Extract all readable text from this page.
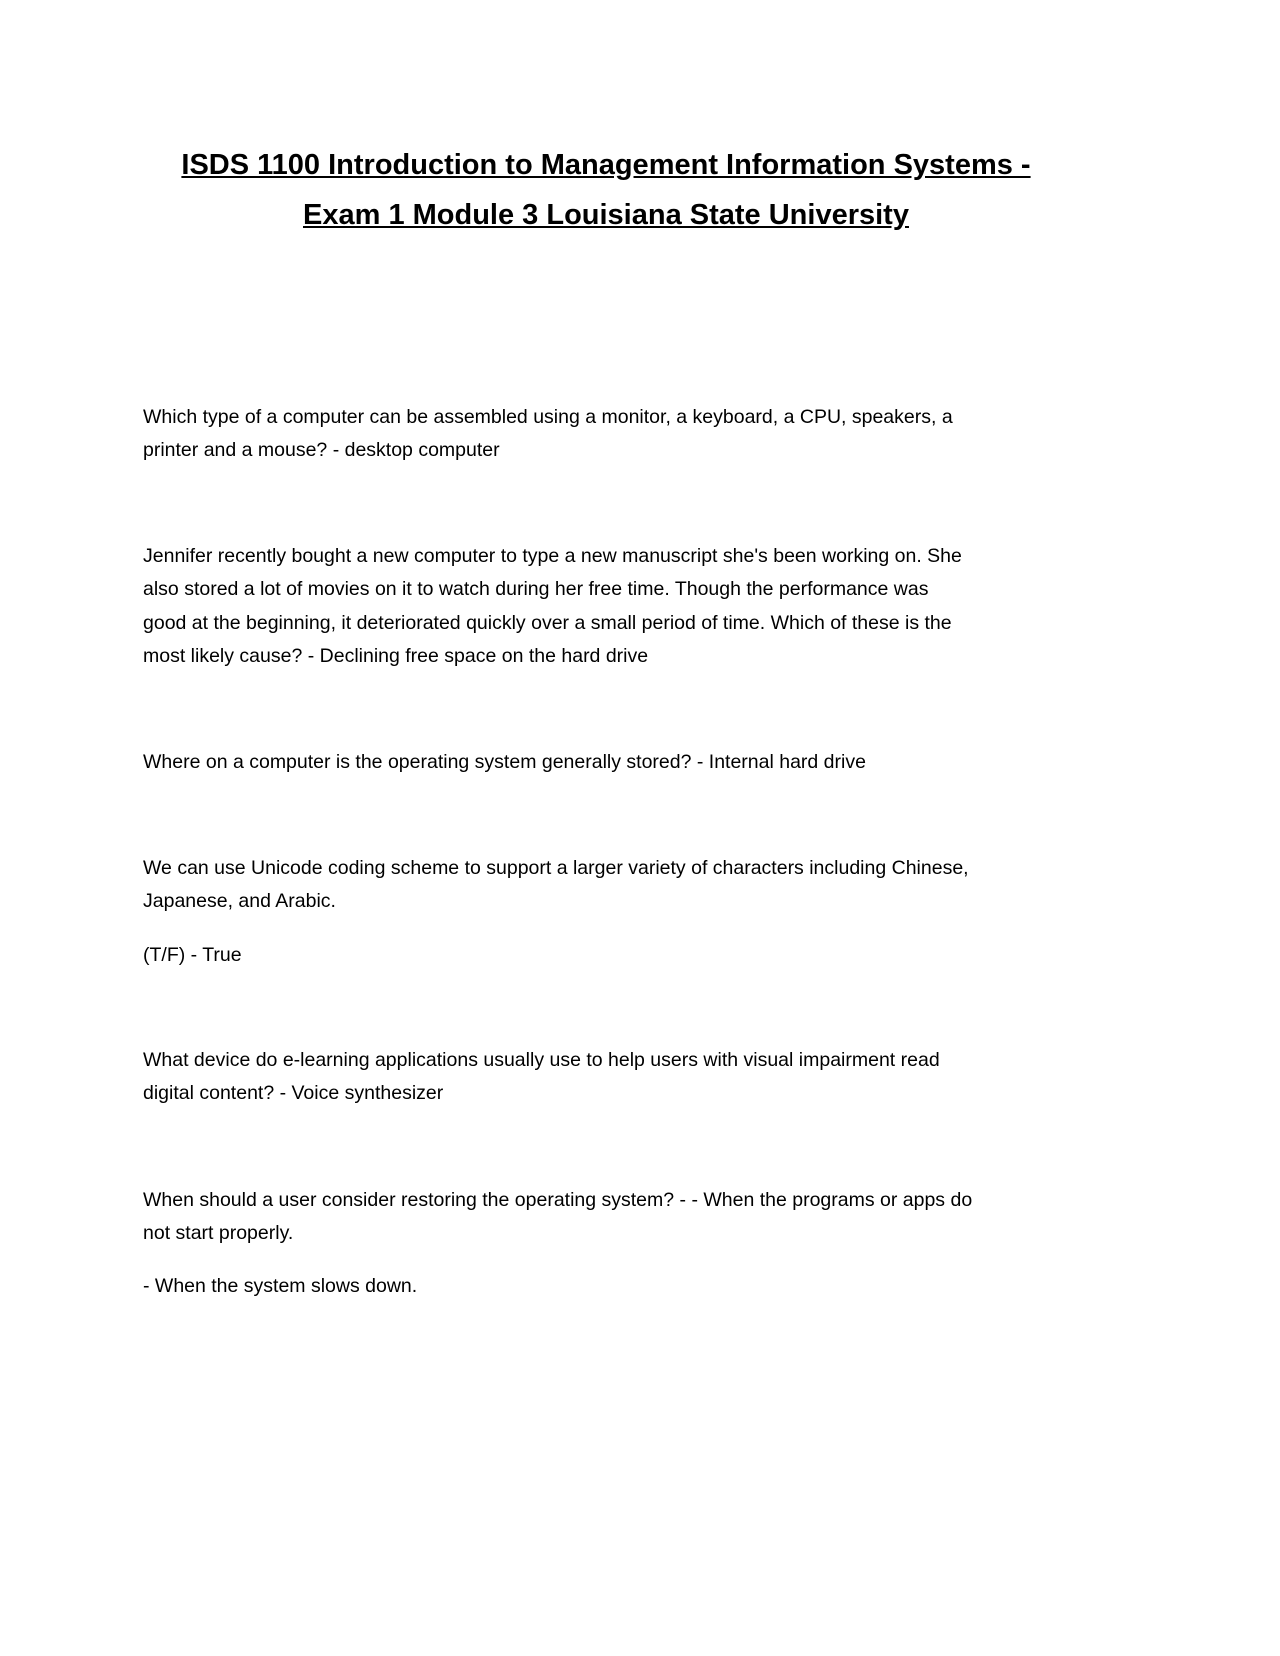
ISDS 1100 Introduction to Management Information Systems -
Exam 1 Module 3 Louisiana State University
Which type of a computer can be assembled using a monitor, a keyboard, a CPU, speakers, a
printer and a mouse? - desktop computer
Jennifer recently bought a new computer to type a new manuscript she's been working on. She
also stored a lot of movies on it to watch during her free time. Though the performance was
good at the beginning, it deteriorated quickly over a small period of time. Which of these is the
most likely cause? - Declining free space on the hard drive
Where on a computer is the operating system generally stored? - Internal hard drive
We can use Unicode coding scheme to support a larger variety of characters including Chinese,
Japanese, and Arabic.
(T/F) - True
What device do e-learning applications usually use to help users with visual impairment read
digital content? - Voice synthesizer
When should a user consider restoring the operating system? - - When the programs or apps do
not start properly.
- When the system slows down.
